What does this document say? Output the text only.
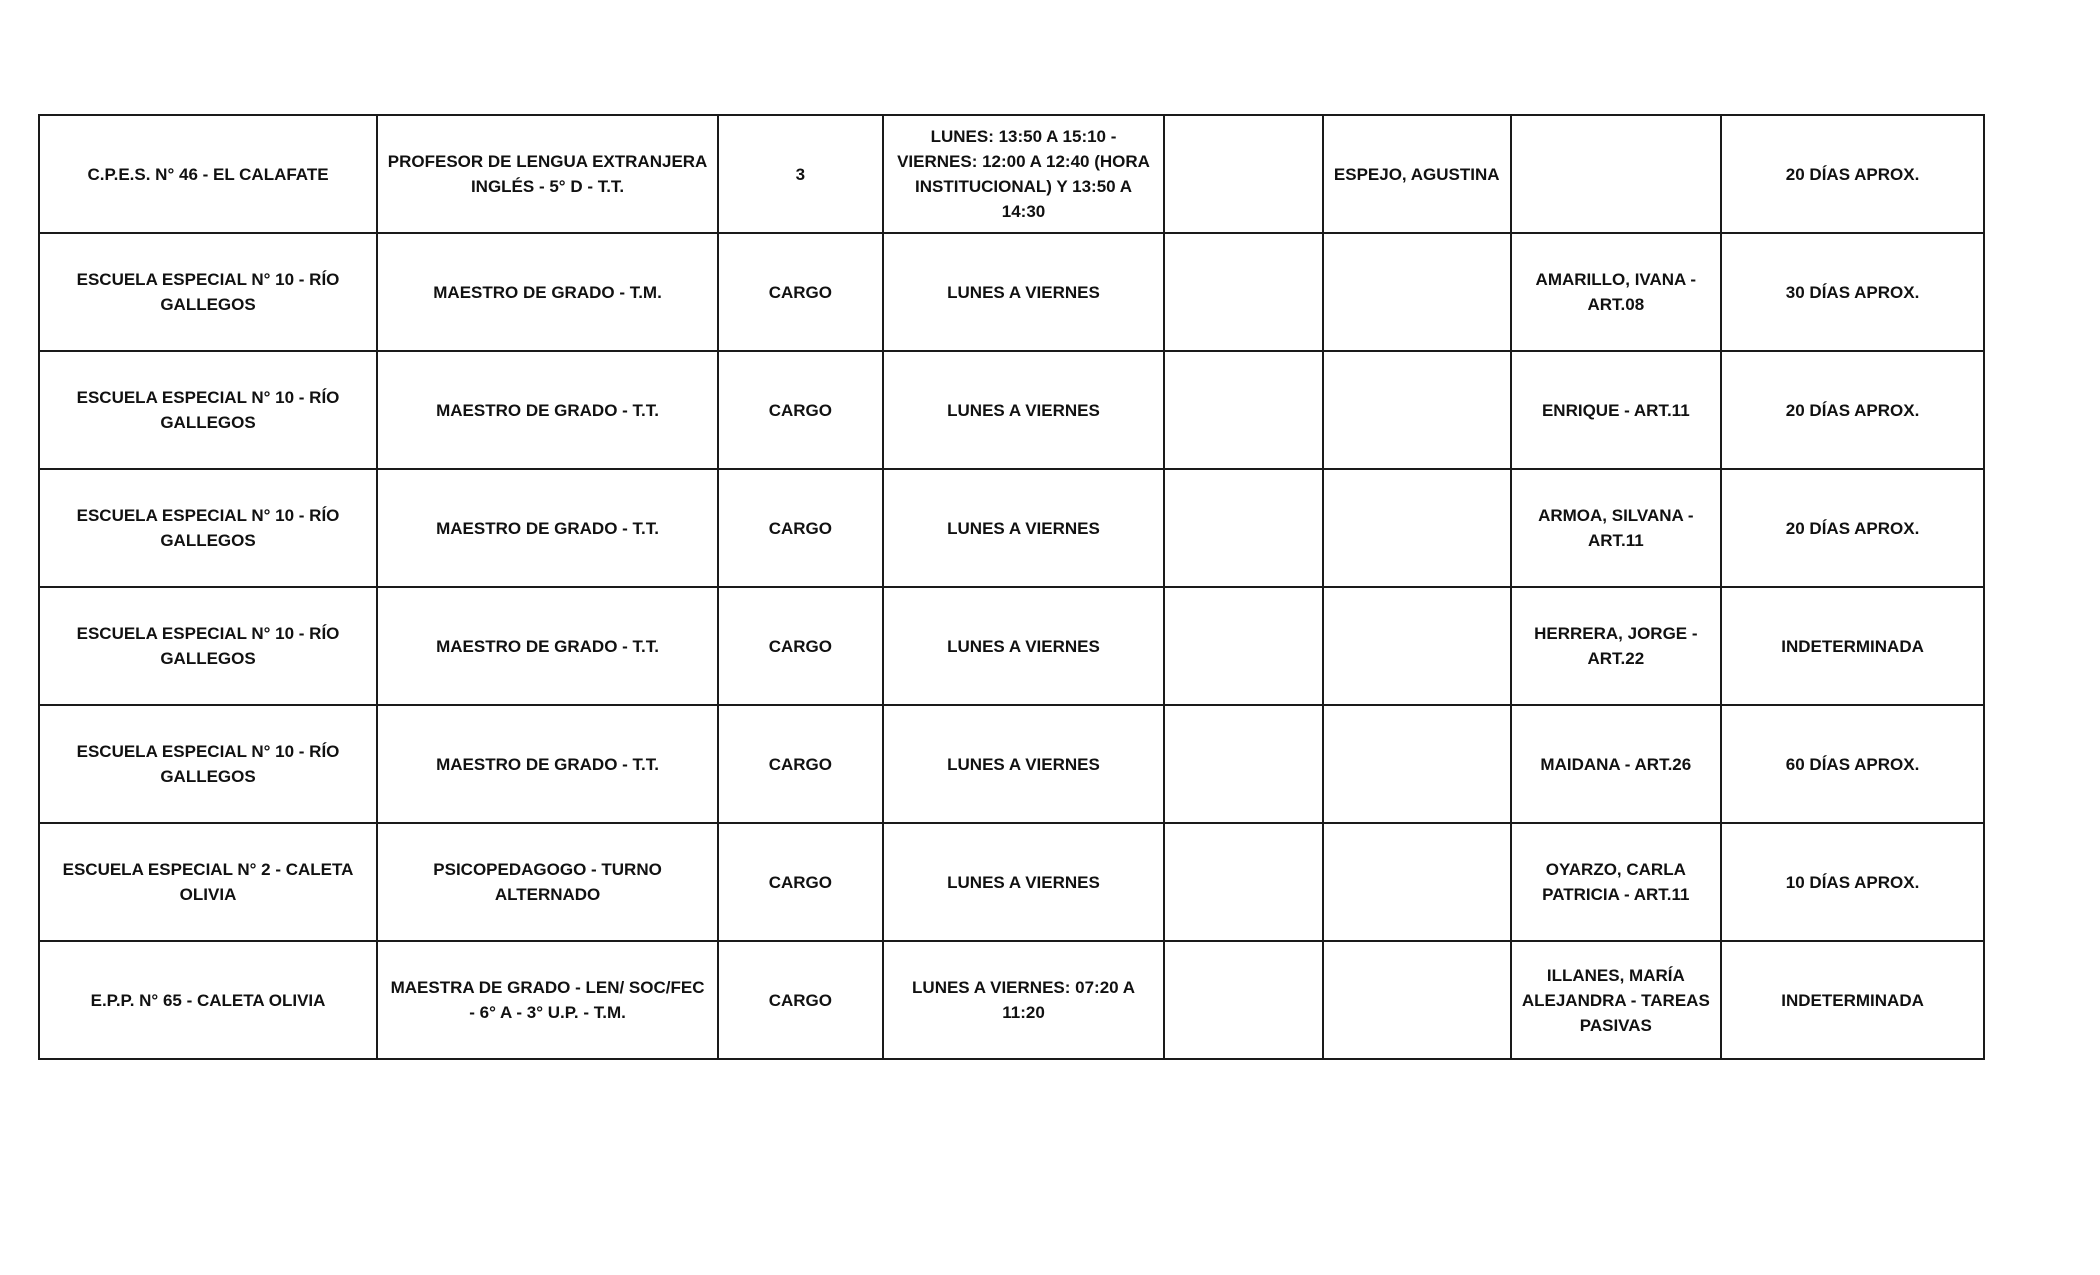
C.P.E.S. N° 46 - EL CALAFATE	PROFESOR DE LENGUA EXTRANJERA INGLÉS - 5° D - T.T.	3	LUNES: 13:50 A 15:10 - VIERNES: 12:00 A 12:40 (HORA INSTITUCIONAL) Y 13:50 A 14:30		ESPEJO, AGUSTINA		20 DÍAS APROX.
ESCUELA ESPECIAL N° 10 - RÍO GALLEGOS	MAESTRO DE GRADO - T.M.	CARGO	LUNES A VIERNES			AMARILLO, IVANA - ART.08	30 DÍAS APROX.
ESCUELA ESPECIAL N° 10 - RÍO GALLEGOS	MAESTRO DE GRADO - T.T.	CARGO	LUNES A VIERNES			ENRIQUE - ART.11	20 DÍAS APROX.
ESCUELA ESPECIAL N° 10 - RÍO GALLEGOS	MAESTRO DE GRADO - T.T.	CARGO	LUNES A VIERNES			ARMOA, SILVANA - ART.11	20 DÍAS APROX.
ESCUELA ESPECIAL N° 10 - RÍO GALLEGOS	MAESTRO DE GRADO - T.T.	CARGO	LUNES A VIERNES			HERRERA, JORGE - ART.22	INDETERMINADA
ESCUELA ESPECIAL N° 10 - RÍO GALLEGOS	MAESTRO DE GRADO - T.T.	CARGO	LUNES A VIERNES			MAIDANA - ART.26	60 DÍAS APROX.
ESCUELA ESPECIAL N° 2 - CALETA OLIVIA	PSICOPEDAGOGO - TURNO ALTERNADO	CARGO	LUNES A VIERNES			OYARZO, CARLA PATRICIA - ART.11	10 DÍAS APROX.
E.P.P. N° 65 - CALETA OLIVIA	MAESTRA DE GRADO - LEN/ SOC/FEC - 6° A - 3° U.P. - T.M.	CARGO	LUNES A VIERNES: 07:20 A 11:20			ILLANES, MARÍA ALEJANDRA - TAREAS PASIVAS	INDETERMINADA
